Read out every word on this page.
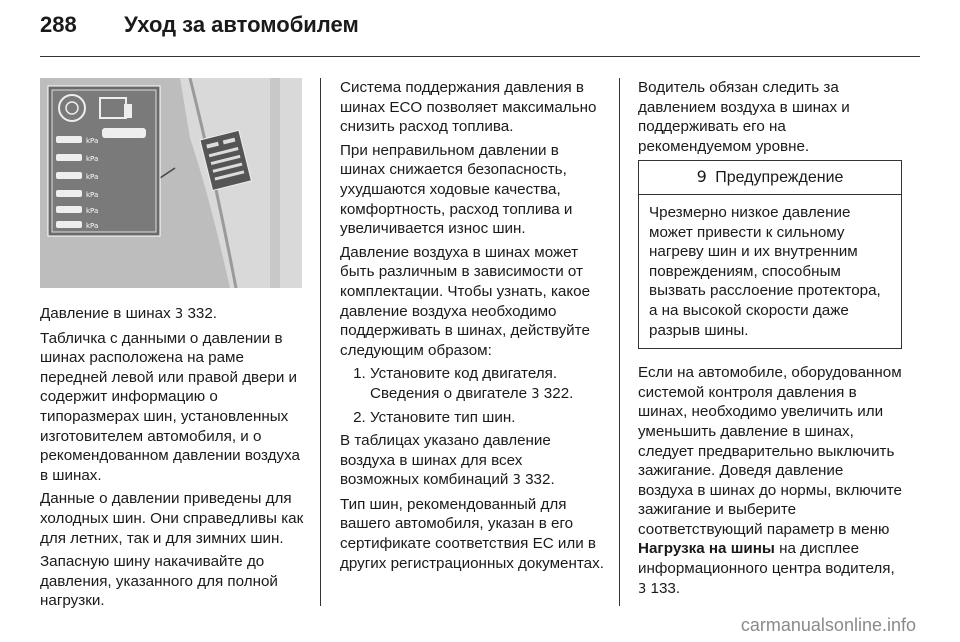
288 Уход за автомобилем
kPa
kPa
kPa
kPa
kPa
kPa

Давление в шинах 3 332.

Табличка с данными о давлении в шинах расположена на раме передней левой или правой двери и содержит информацию о типоразмерах шин, установленных изготовителем автомобиля, и о рекомендованном давлении воздуха в шинах.

Данные о давлении приведены для холодных шин. Они справедливы как для летних, так и для зимних шин.

Запасную шину накачивайте до давления, указанного для полной нагрузки.

Система поддержания давления в шинах ECO позволяет максимально снизить расход топлива.

При неправильном давлении в шинах снижается безопасность, ухудшаются ходовые качества, комфортность, расход топлива и увеличивается износ шин.

Давление воздуха в шинах может быть различным в зависимости от комплектации. Чтобы узнать, какое давление воздуха необходимо поддерживать в шинах, действуйте следующим образом:

1. Установите код двигателя. Сведения о двигателе 3 322.
2. Установите тип шин.

В таблицах указано давление воздуха в шинах для всех возможных комбинаций 3 332.

Тип шин, рекомендованный для вашего автомобиля, указан в его сертификате соответствия ЕС или в других регистрационных документах.

Водитель обязан следить за давлением воздуха в шинах и поддерживать его на рекомендуемом уровне.

9 Предупреждение
Чрезмерно низкое давление может привести к сильному нагреву шин и их внутренним повреждениям, способным вызвать расслоение протектора, а на высокой скорости даже разрыв шины.

Если на автомобиле, оборудованном системой контроля давления в шинах, необходимо увеличить или уменьшить давление в шинах, следует предварительно выключить зажигание. Доведя давление воздуха в шинах до нормы, включите зажигание и выберите соответствующий параметр в меню Нагрузка на шины на дисплее информационного центра водителя, 3 133.

carmanualsonline.info
